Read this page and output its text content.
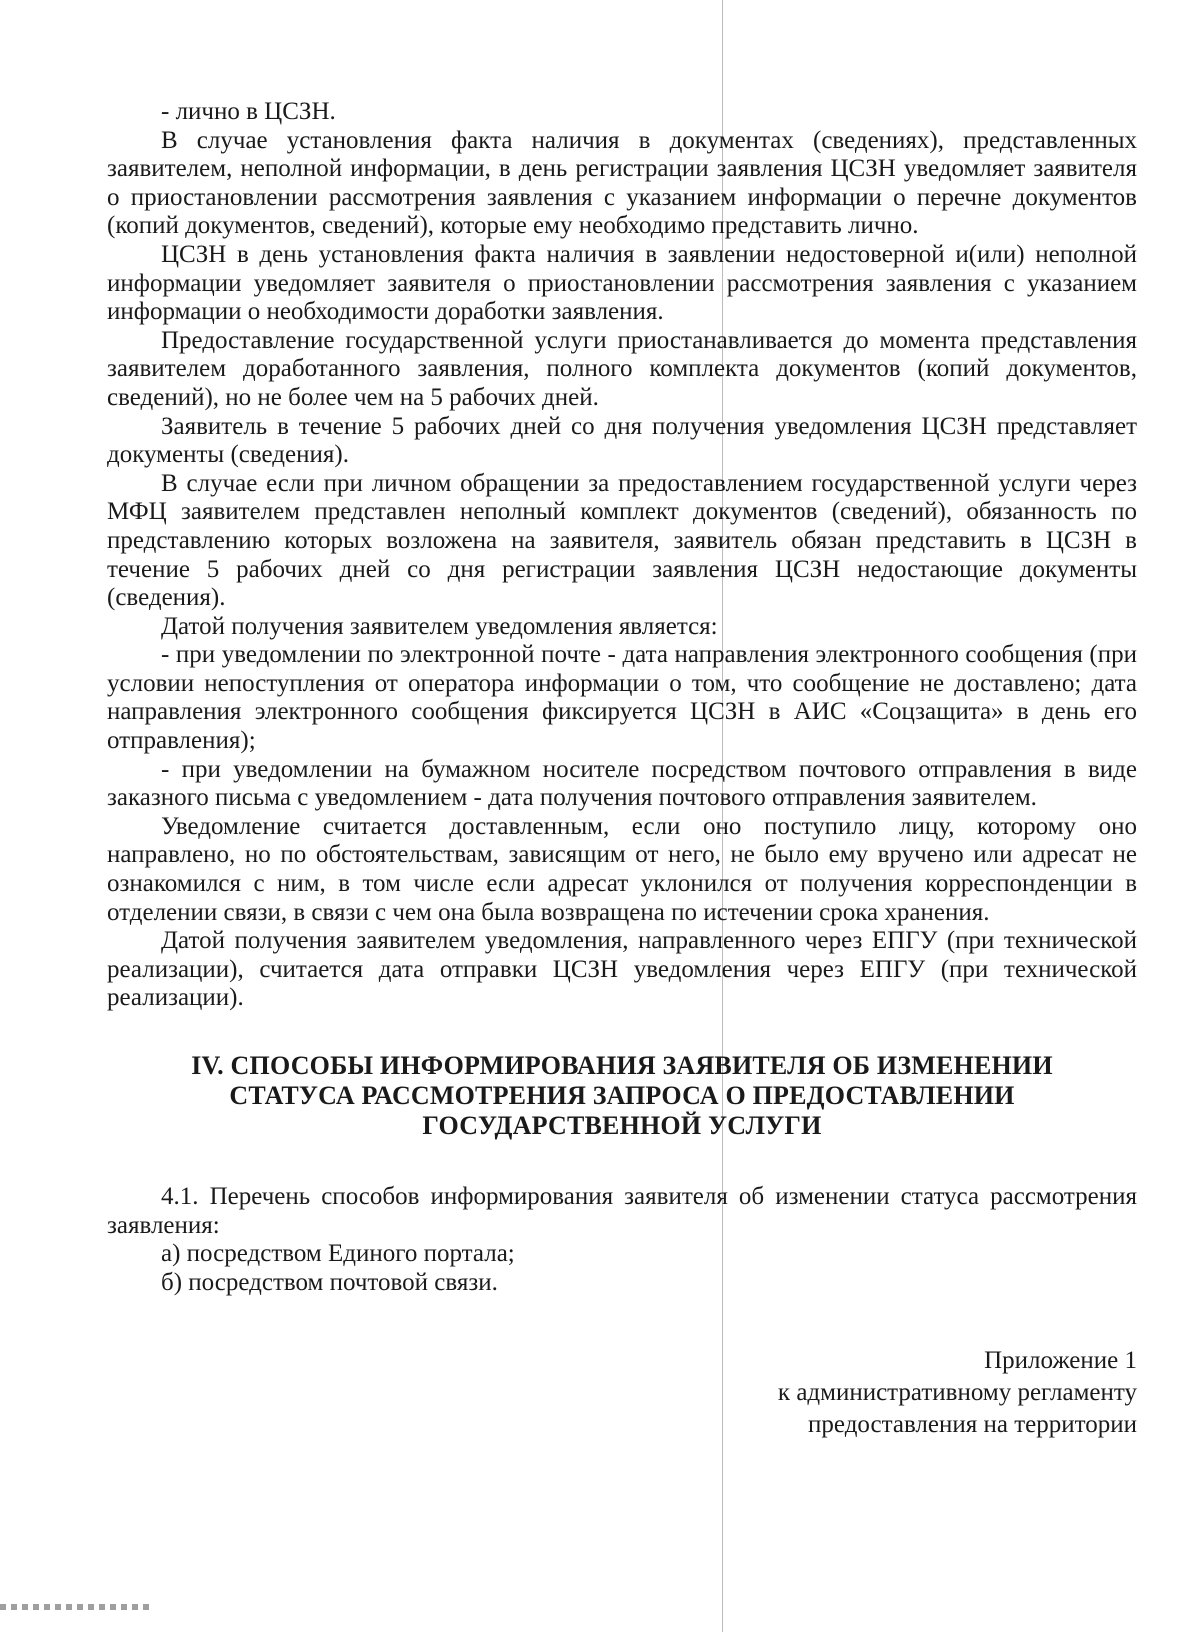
- лично в ЦСЗН.

В случае установления факта наличия в документах (сведениях), представленных заявителем, неполной информации, в день регистрации заявления ЦСЗН уведомляет заявителя о приостановлении рассмотрения заявления с указанием информации о перечне документов (копий документов, сведений), которые ему необходимо представить лично.

ЦСЗН в день установления факта наличия в заявлении недостоверной и(или) неполной информации уведомляет заявителя о приостановлении рассмотрения заявления с указанием информации о необходимости доработки заявления.

Предоставление государственной услуги приостанавливается до момента представления заявителем доработанного заявления, полного комплекта документов (копий документов, сведений), но не более чем на 5 рабочих дней.

Заявитель в течение 5 рабочих дней со дня получения уведомления ЦСЗН представляет документы (сведения).

В случае если при личном обращении за предоставлением государственной услуги через МФЦ заявителем представлен неполный комплект документов (сведений), обязанность по представлению которых возложена на заявителя, заявитель обязан представить в ЦСЗН в течение 5 рабочих дней со дня регистрации заявления ЦСЗН недостающие документы (сведения).

Датой получения заявителем уведомления является:

- при уведомлении по электронной почте - дата направления электронного сообщения (при условии непоступления от оператора информации о том, что сообщение не доставлено; дата направления электронного сообщения фиксируется ЦСЗН в АИС «Соцзащита» в день его отправления);

- при уведомлении на бумажном носителе посредством почтового отправления в виде заказного письма с уведомлением - дата получения почтового отправления заявителем.

Уведомление считается доставленным, если оно поступило лицу, которому оно направлено, но по обстоятельствам, зависящим от него, не было ему вручено или адресат не ознакомился с ним, в том числе если адресат уклонился от получения корреспонденции в отделении связи, в связи с чем она была возвращена по истечении срока хранения.

Датой получения заявителем уведомления, направленного через ЕПГУ (при технической реализации), считается дата отправки ЦСЗН уведомления через ЕПГУ (при технической реализации).

IV. СПОСОБЫ ИНФОРМИРОВАНИЯ ЗАЯВИТЕЛЯ ОБ ИЗМЕНЕНИИ
СТАТУСА РАССМОТРЕНИЯ ЗАПРОСА О ПРЕДОСТАВЛЕНИИ
ГОСУДАРСТВЕННОЙ УСЛУГИ

4.1. Перечень способов информирования заявителя об изменении статуса рассмотрения заявления:

а) посредством Единого портала;

б) посредством почтовой связи.

Приложение 1
к административному регламенту
предоставления на территории
